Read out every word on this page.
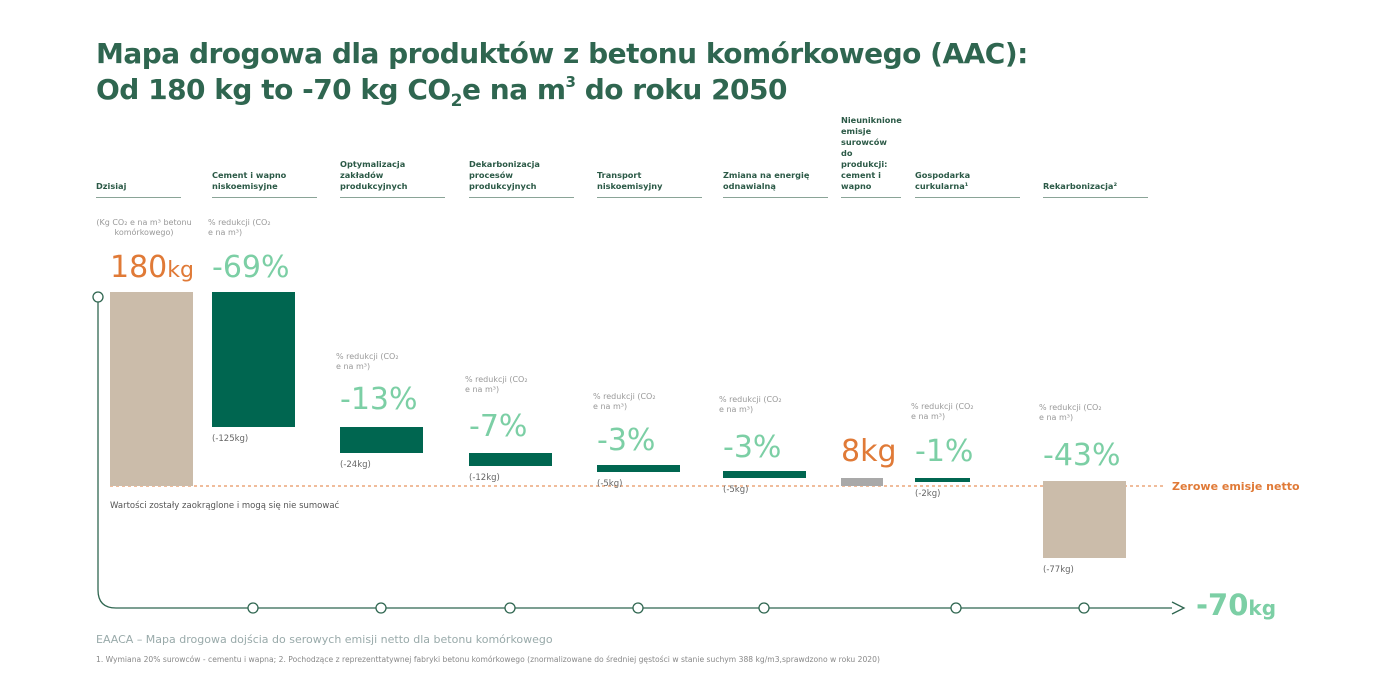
Mapa drogowa dla produktów z betonu komórkowego (AAC):
Od 180 kg to -70 kg $CO_2e$ na $m^3$ do roku 2050
Dzisiaj
Cement i wapno niskoemisyjne
Optymalizacja zakładów produkcyjnych
Dekarbonizacja procesów produkcyjnych
Transport niskoemisyjny
Zmiana na energię odnawialną
Nieuniknione emisje surowców do produkcji: cement i wapno
Gospodarka curkularna¹	Rekarbonizacja²
180kg
(Kg CO₂ e na m³ betonu komórkowego)
-69%
% redukcji (CO₂ e na m³)
(-125kg)
-13%
% redukcji (CO₂ e na m³)
(-24kg)
-7%
% redukcji (CO₂ e na m³)
(-12kg)
-3%
% redukcji (CO₂ e na m³)
(-5kg)
-3%
% redukcji (CO₂ e na m³)
(-5kg)
8kg -1%
% redukcji (CO₂ e na m³)
(-2kg)
-43%
% redukcji (CO₂ e na m³)
(-77kg)
Zerowe emisje netto
Wartości zostały zaokrąglone i mogą się nie sumować
-70kg
EAACA – Mapa drogowa dojścia do serowych emisji netto dla betonu komórkowego
1. Wymiana 20% surowców - cementu i wapna; 2. Pochodzące z reprezenttatywnej fabryki betonu komórkowego (znormalizowane do średniej gęstości w stanie suchym 388 kg/m3,sprawdzono w roku 2020)
